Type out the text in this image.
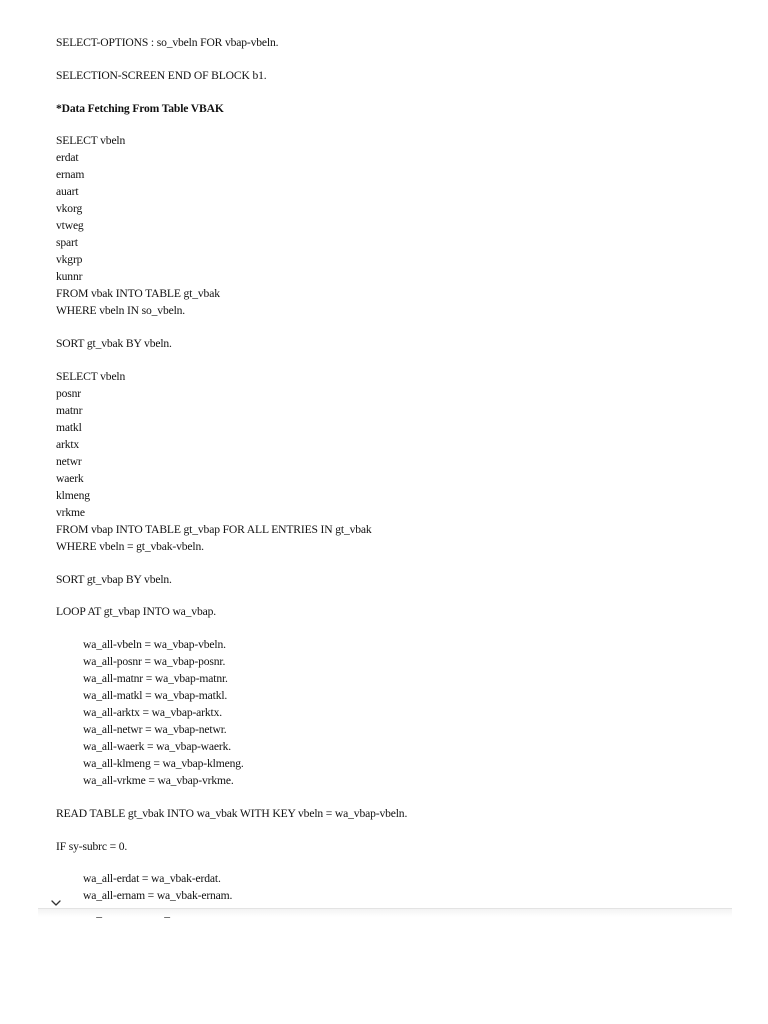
SELECT-OPTIONS : so_vbeln FOR vbap-vbeln.
SELECTION-SCREEN END OF BLOCK b1.
*Data Fetching From Table VBAK
SELECT vbeln
erdat
ernam
auart
vkorg
vtweg
spart
vkgrp
kunnr
FROM vbak INTO TABLE gt_vbak
WHERE vbeln IN so_vbeln.
SORT gt_vbak BY vbeln.
SELECT vbeln
posnr
matnr
matkl
arktx
netwr
waerk
klmeng
vrkme
FROM vbap INTO TABLE gt_vbap FOR ALL ENTRIES IN gt_vbak
WHERE vbeln = gt_vbak-vbeln.
SORT gt_vbap BY vbeln.
LOOP AT gt_vbap INTO wa_vbap.
wa_all-vbeln = wa_vbap-vbeln.
wa_all-posnr = wa_vbap-posnr.
wa_all-matnr = wa_vbap-matnr.
wa_all-matkl = wa_vbap-matkl.
wa_all-arktx = wa_vbap-arktx.
wa_all-netwr = wa_vbap-netwr.
wa_all-waerk = wa_vbap-waerk.
wa_all-klmeng = wa_vbap-klmeng.
wa_all-vrkme = wa_vbap-vrkme.
READ TABLE gt_vbak INTO wa_vbak WITH KEY vbeln = wa_vbap-vbeln.
IF sy-subrc = 0.
wa_all-erdat = wa_vbak-erdat.
wa_all-ernam = wa_vbak-ernam.
